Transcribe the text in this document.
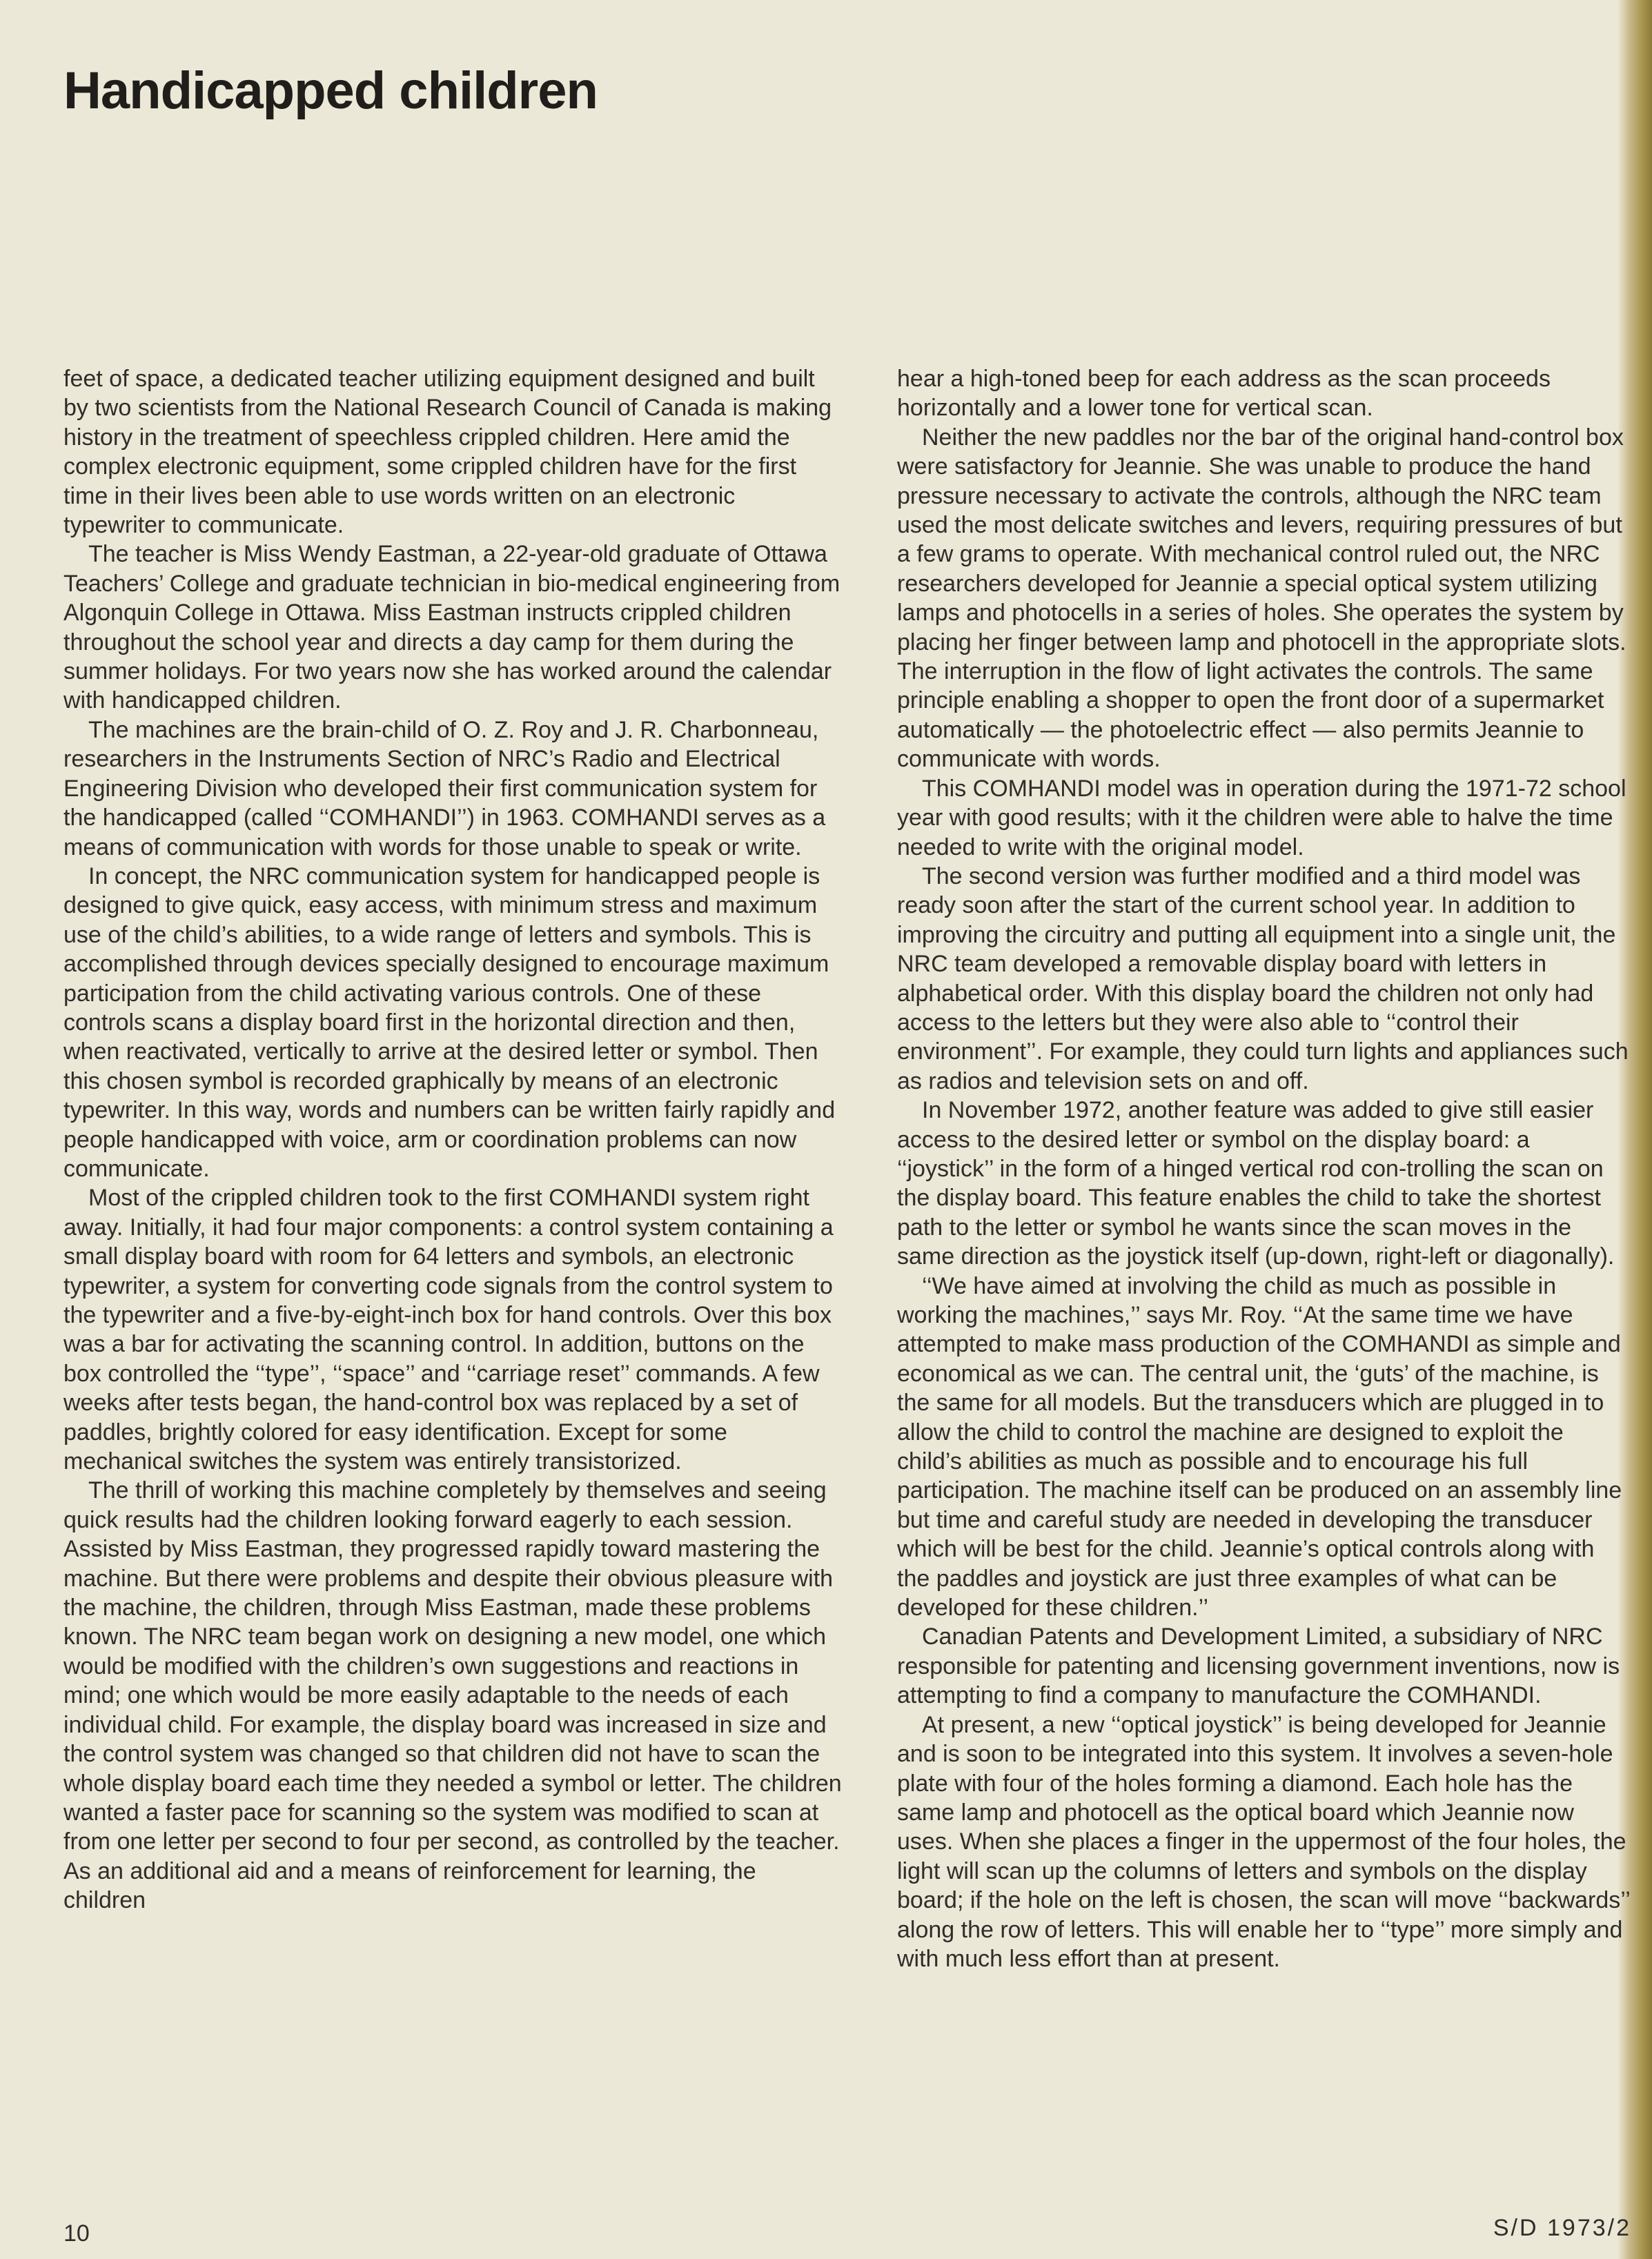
Handicapped children

feet of space, a dedicated teacher utilizing equipment designed and built by two scientists from the National Research Council of Canada is making history in the treatment of speechless crippled children. Here amid the complex electronic equipment, some crippled children have for the first time in their lives been able to use words written on an electronic typewriter to communicate.

The teacher is Miss Wendy Eastman, a 22-year-old graduate of Ottawa Teachers’ College and graduate technician in bio-medical engineering from Algonquin College in Ottawa. Miss Eastman instructs crippled children throughout the school year and directs a day camp for them during the summer holidays. For two years now she has worked around the calendar with handicapped children.

The machines are the brain-child of O. Z. Roy and J. R. Charbonneau, researchers in the Instruments Section of NRC’s Radio and Electrical Engineering Division who developed their first communication system for the handicapped (called ‘‘COMHANDI’’) in 1963. COMHANDI serves as a means of communication with words for those unable to speak or write.

In concept, the NRC communication system for handicapped people is designed to give quick, easy access, with minimum stress and maximum use of the child’s abilities, to a wide range of letters and symbols. This is accomplished through devices specially designed to encourage maximum participation from the child activating various controls. One of these controls scans a display board first in the horizontal direction and then, when reactivated, vertically to arrive at the desired letter or symbol. Then this chosen symbol is recorded graphically by means of an electronic typewriter. In this way, words and numbers can be written fairly rapidly and people handicapped with voice, arm or coordination problems can now communicate.

Most of the crippled children took to the first COMHANDI system right away. Initially, it had four major components: a control system containing a small display board with room for 64 letters and symbols, an electronic typewriter, a system for converting code signals from the control system to the typewriter and a five-by-eight-inch box for hand controls. Over this box was a bar for activating the scanning control. In addition, buttons on the box controlled the ‘‘type’’, ‘‘space’’ and ‘‘carriage reset’’ commands. A few weeks after tests began, the hand-control box was replaced by a set of paddles, brightly colored for easy identification. Except for some mechanical switches the system was entirely transistorized.

The thrill of working this machine completely by themselves and seeing quick results had the children looking forward eagerly to each session. Assisted by Miss Eastman, they progressed rapidly toward mastering the machine. But there were problems and despite their obvious pleasure with the machine, the children, through Miss Eastman, made these problems known. The NRC team began work on designing a new model, one which would be modified with the children’s own suggestions and reactions in mind; one which would be more easily adaptable to the needs of each individual child. For example, the display board was increased in size and the control system was changed so that children did not have to scan the whole display board each time they needed a symbol or letter. The children wanted a faster pace for scanning so the system was modified to scan at from one letter per second to four per second, as controlled by the teacher. As an additional aid and a means of reinforcement for learning, the children

hear a high-toned beep for each address as the scan proceeds horizontally and a lower tone for vertical scan.

Neither the new paddles nor the bar of the original hand-control box were satisfactory for Jeannie. She was unable to produce the hand pressure necessary to activate the controls, although the NRC team used the most delicate switches and levers, requiring pressures of but a few grams to operate. With mechanical control ruled out, the NRC researchers developed for Jeannie a special optical system utilizing lamps and photocells in a series of holes. She operates the system by placing her finger between lamp and photocell in the appropriate slots. The interruption in the flow of light activates the controls. The same principle enabling a shopper to open the front door of a supermarket automatically — the photoelectric effect — also permits Jeannie to communicate with words.

This COMHANDI model was in operation during the 1971-72 school year with good results; with it the children were able to halve the time needed to write with the original model.

The second version was further modified and a third model was ready soon after the start of the current school year. In addition to improving the circuitry and putting all equipment into a single unit, the NRC team developed a removable display board with letters in alphabetical order. With this display board the children not only had access to the letters but they were also able to ‘‘control their environment’’. For example, they could turn lights and appliances such as radios and television sets on and off.

In November 1972, another feature was added to give still easier access to the desired letter or symbol on the display board: a ‘‘joystick’’ in the form of a hinged vertical rod con-trolling the scan on the display board. This feature enables the child to take the shortest path to the letter or symbol he wants since the scan moves in the same direction as the joystick itself (up-down, right-left or diagonally).

‘‘We have aimed at involving the child as much as possible in working the machines,’’ says Mr. Roy. ‘‘At the same time we have attempted to make mass production of the COMHANDI as simple and economical as we can. The central unit, the ‘guts’ of the machine, is the same for all models. But the transducers which are plugged in to allow the child to control the machine are designed to exploit the child’s abilities as much as possible and to encourage his full participation. The machine itself can be produced on an assembly line but time and careful study are needed in developing the transducer which will be best for the child. Jeannie’s optical controls along with the paddles and joystick are just three examples of what can be developed for these children.’’

Canadian Patents and Development Limited, a subsidiary of NRC responsible for patenting and licensing government inventions, now is attempting to find a company to manufacture the COMHANDI.

At present, a new ‘‘optical joystick’’ is being developed for Jeannie and is soon to be integrated into this system. It involves a seven-hole plate with four of the holes forming a diamond. Each hole has the same lamp and photocell as the optical board which Jeannie now uses. When she places a finger in the uppermost of the four holes, the light will scan up the columns of letters and symbols on the display board; if the hole on the left is chosen, the scan will move ‘‘backwards’’ along the row of letters. This will enable her to ‘‘type’’ more simply and with much less effort than at present.

10	S/D 1973/2
